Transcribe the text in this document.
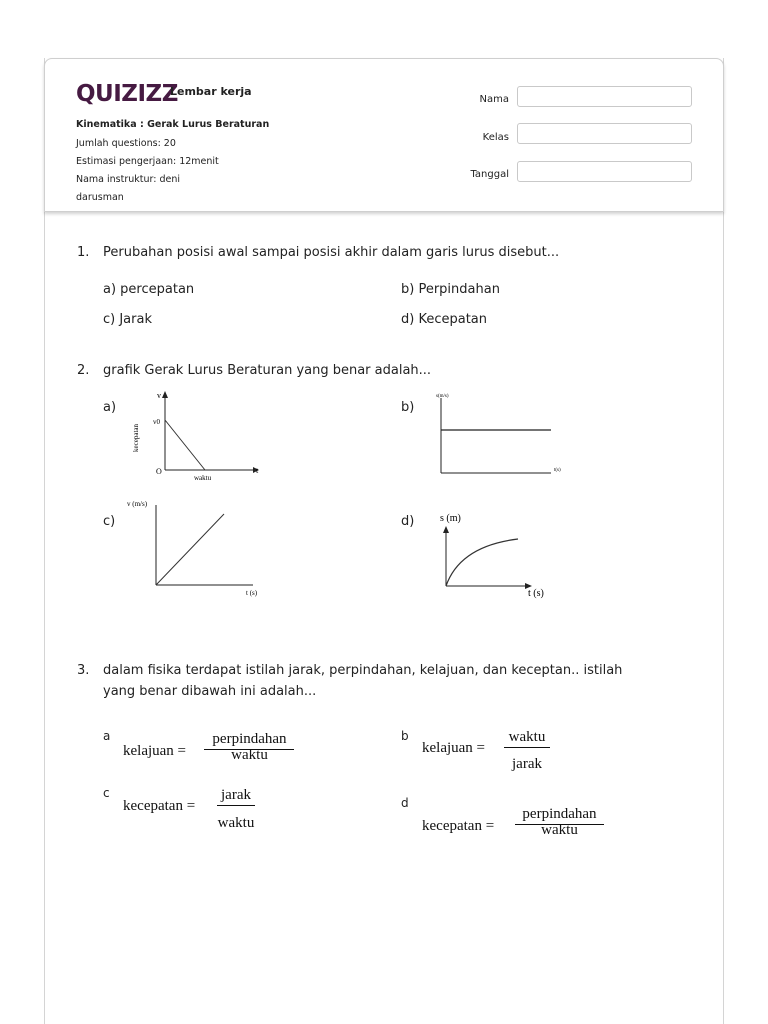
QUIZIZZ
Lembar kerja
Kinematika : Gerak Lurus Beraturan
Jumlah questions: 20
Estimasi pengerjaan: 12menit
Nama instruktur: deni
darusman
Nama
Kelas
Tanggal
1. Perubahan posisi awal sampai posisi akhir dalam garis lurus disebut...
a) percepatan	b) Perpindahan
c) Jarak	d) Kecepatan
2. grafik Gerak Lurus Beraturan yang benar adalah...
a)
v
kecepatan
v0
O
waktu
t
b)
s(m/s)
t(s)
c)
v (m/s)
t (s)
d)	s (m)
t (s)
3. dalam fisika terdapat istilah jarak, perpindahan, kelajuan, dan keceptan.. istilah
yang benar dibawah ini adalah...
a
kelajuan =
perpindahan
waktu
b
kelajuan =
waktu
jarak
c
kecepatan =
jarak
waktu
d
kecepatan =
perpindahan
waktu
